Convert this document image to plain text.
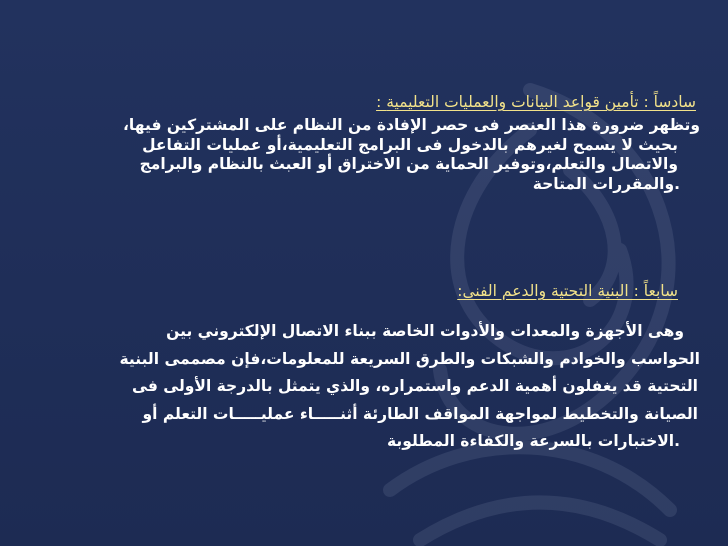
: سادساً : تأمين قواعد البيانات والعمليات التعليمية
وتظهر ضرورة هذا العنصر فى حصر الإفادة من النظام على المشتركين فيها،
بحيث لا يسمح لغيرهم بالدخول فى البرامج التعليمية،أو عمليات التفاعل
والاتصال والتعلم،وتوفير الحماية من الاختراق أو العبث بالنظام والبرامج
.والمقررات المتاحة
:سابعاً : البنية التحتية والدعم الفنى
وهى الأجهزة والمعدات والأدوات الخاصة ببناء الاتصال الإلكتروني بين
الحواسب والخوادم والشبكات والطرق السريعة للمعلومات،فإن مصممى البنية
التحتية قد يغفلون أهمية الدعم واستمراره، والذي يتمثل بالدرجة الأولى فى
الصيانة والتخطيط لمواجهة المواقف الطارئة أثنـــــاء عمليـــــات التعلم أو
.الاختبارات بالسرعة والكفاءة المطلوبة
